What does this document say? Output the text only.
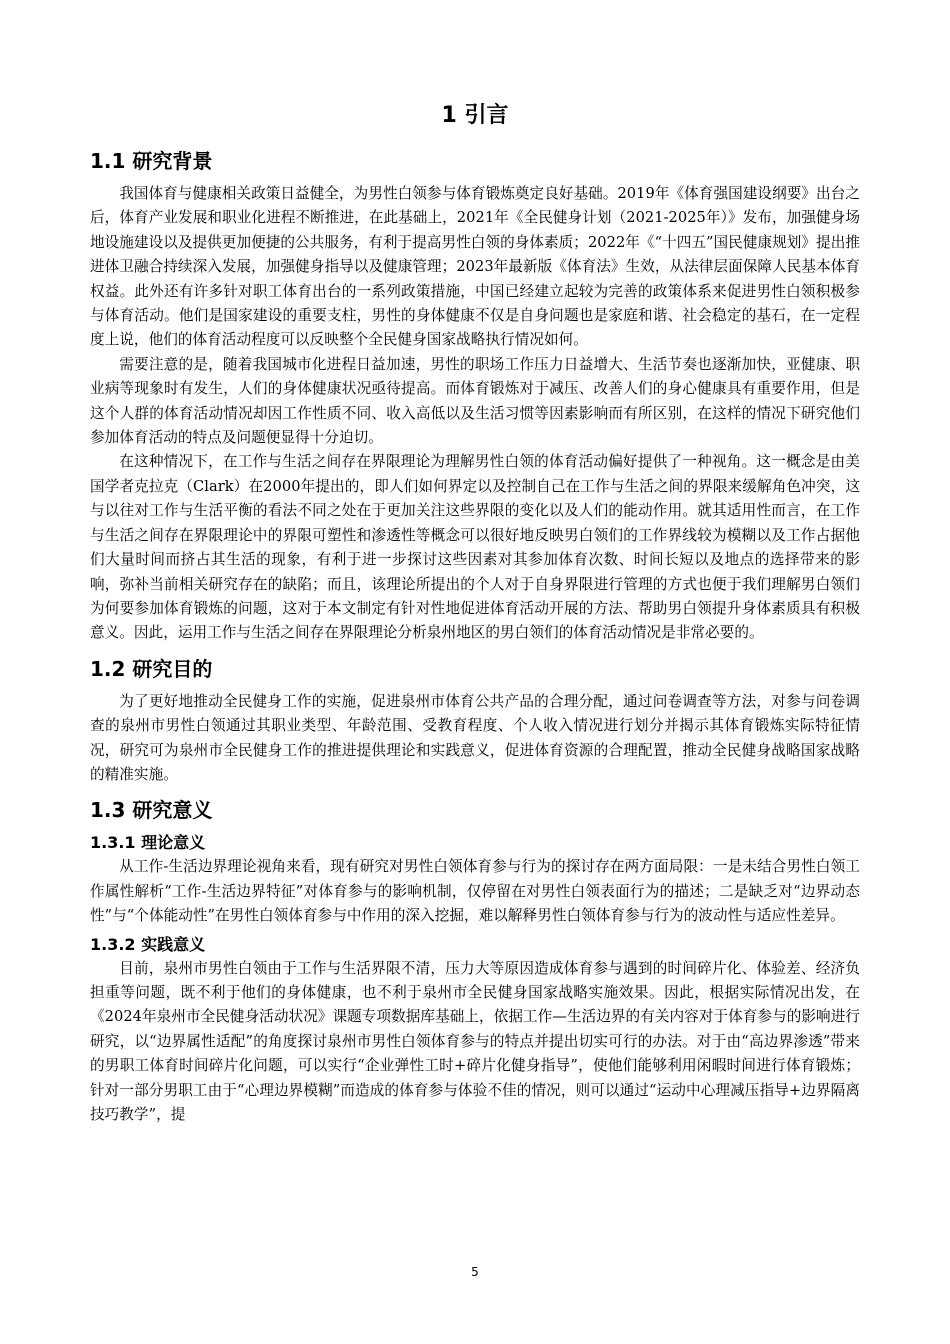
1 引言
1.1 研究背景

我国体育与健康相关政策日益健全，为男性白领参与体育锻炼奠定良好基础。2019年《体育强国建设纲要》出台之后，体育产业发展和职业化进程不断推进，在此基础上，2021年《全民健身计划（2021-2025年）》发布，加强健身场地设施建设以及提供更加便捷的公共服务，有利于提高男性白领的身体素质；2022年《“十四五”国民健康规划》提出推进体卫融合持续深入发展，加强健身指导以及健康管理；2023年最新版《体育法》生效，从法律层面保障人民基本体育权益。此外还有许多针对职工体育出台的一系列政策措施，中国已经建立起较为完善的政策体系来促进男性白领积极参与体育活动。他们是国家建设的重要支柱，男性的身体健康不仅是自身问题也是家庭和谐、社会稳定的基石，在一定程度上说，他们的体育活动程度可以反映整个全民健身国家战略执行情况如何。

需要注意的是，随着我国城市化进程日益加速，男性的职场工作压力日益增大、生活节奏也逐渐加快，亚健康、职业病等现象时有发生，人们的身体健康状况亟待提高。而体育锻炼对于减压、改善人们的身心健康具有重要作用，但是这个人群的体育活动情况却因工作性质不同、收入高低以及生活习惯等因素影响而有所区别，在这样的情况下研究他们参加体育活动的特点及问题便显得十分迫切。

在这种情况下，在工作与生活之间存在界限理论为理解男性白领的体育活动偏好提供了一种视角。这一概念是由美国学者克拉克（Clark）在2000年提出的，即人们如何界定以及控制自己在工作与生活之间的界限来缓解角色冲突，这与以往对工作与生活平衡的看法不同之处在于更加关注这些界限的变化以及人们的能动作用。就其适用性而言，在工作与生活之间存在界限理论中的界限可塑性和渗透性等概念可以很好地反映男白领们的工作界线较为模糊以及工作占据他们大量时间而挤占其生活的现象，有利于进一步探讨这些因素对其参加体育次数、时间长短以及地点的选择带来的影响，弥补当前相关研究存在的缺陷；而且，该理论所提出的个人对于自身界限进行管理的方式也便于我们理解男白领们为何要参加体育锻炼的问题，这对于本文制定有针对性地促进体育活动开展的方法、帮助男白领提升身体素质具有积极意义。因此，运用工作与生活之间存在界限理论分析泉州地区的男白领们的体育活动情况是非常必要的。

1.2 研究目的

为了更好地推动全民健身工作的实施，促进泉州市体育公共产品的合理分配，通过问卷调查等方法，对参与问卷调查的泉州市男性白领通过其职业类型、年龄范围、受教育程度、个人收入情况进行划分并揭示其体育锻炼实际特征情况，研究可为泉州市全民健身工作的推进提供理论和实践意义，促进体育资源的合理配置，推动全民健身战略国家战略的精准实施。

1.3 研究意义
1.3.1 理论意义

从工作-生活边界理论视角来看，现有研究对男性白领体育参与行为的探讨存在两方面局限：一是未结合男性白领工作属性解析“工作-生活边界特征”对体育参与的影响机制，仅停留在对男性白领表面行为的描述；二是缺乏对“边界动态性”与“个体能动性”在男性白领体育参与中作用的深入挖掘，难以解释男性白领体育参与行为的波动性与适应性差异。

1.3.2 实践意义

目前，泉州市男性白领由于工作与生活界限不清，压力大等原因造成体育参与遇到的时间碎片化、体验差、经济负担重等问题，既不利于他们的身体健康，也不利于泉州市全民健身国家战略实施效果。因此，根据实际情况出发，在《2024年泉州市全民健身活动状况》课题专项数据库基础上，依据工作—生活边界的有关内容对于体育参与的影响进行研究，以“边界属性适配”的角度探讨泉州市男性白领体育参与的特点并提出切实可行的办法。对于由“高边界渗透”带来的男职工体育时间碎片化问题，可以实行“企业弹性工时+碎片化健身指导”，使他们能够利用闲暇时间进行体育锻炼；针对一部分男职工由于“心理边界模糊”而造成的体育参与体验不佳的情况，则可以通过“运动中心理减压指导+边界隔离技巧教学”，提

5
